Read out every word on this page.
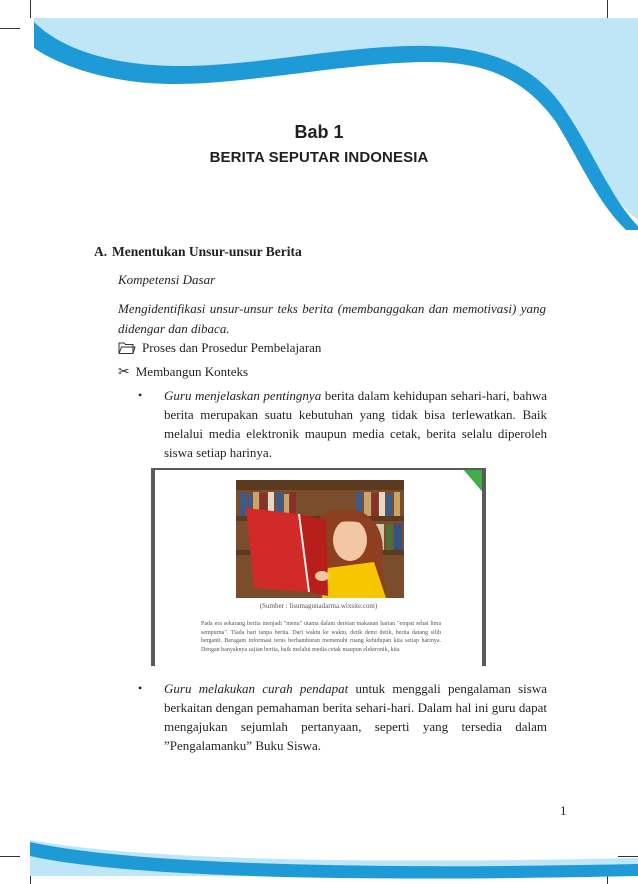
Bab 1
BERITA SEPUTAR INDONESIA
A. Menentukan Unsur-unsur Berita
Kompetensi Dasar
Mengidentifikasi unsur-unsur teks berita (membanggakan dan memotivasi) yang didengar dan dibaca.
Proses dan Prosedur Pembelajaran
✂ Membangun Konteks
• Guru menjelaskan pentingnya berita dalam kehidupan sehari-hari, bahwa berita merupakan suatu kebutuhan yang tidak bisa terlewatkan. Baik melalui media elektronik maupun media cetak, berita selalu diperoleh siswa setiap harinya.
(Sumber : lisumagunadarma.wixsite.com)
Pada era sekarang berita menjadi "menu" utama dalam deretan makanan harian "empat sehat lima sempurna". Tiada hari tanpa berita. Dari waktu ke waktu, detik demi detik, berita datang silih berganti. Beragam informasi terus berhamburan memenuhi ruang kehidupan kita setiap harinya. Dengan banyaknya sajian berita, baik melalui media cetak maupun elektronik, kita
• Guru melakukan curah pendapat untuk menggali pengalaman siswa berkaitan dengan pemahaman berita sehari-hari. Dalam hal ini guru dapat mengajukan sejumlah pertanyaan, seperti yang tersedia dalam ”Pengalamanku” Buku Siswa.
1
